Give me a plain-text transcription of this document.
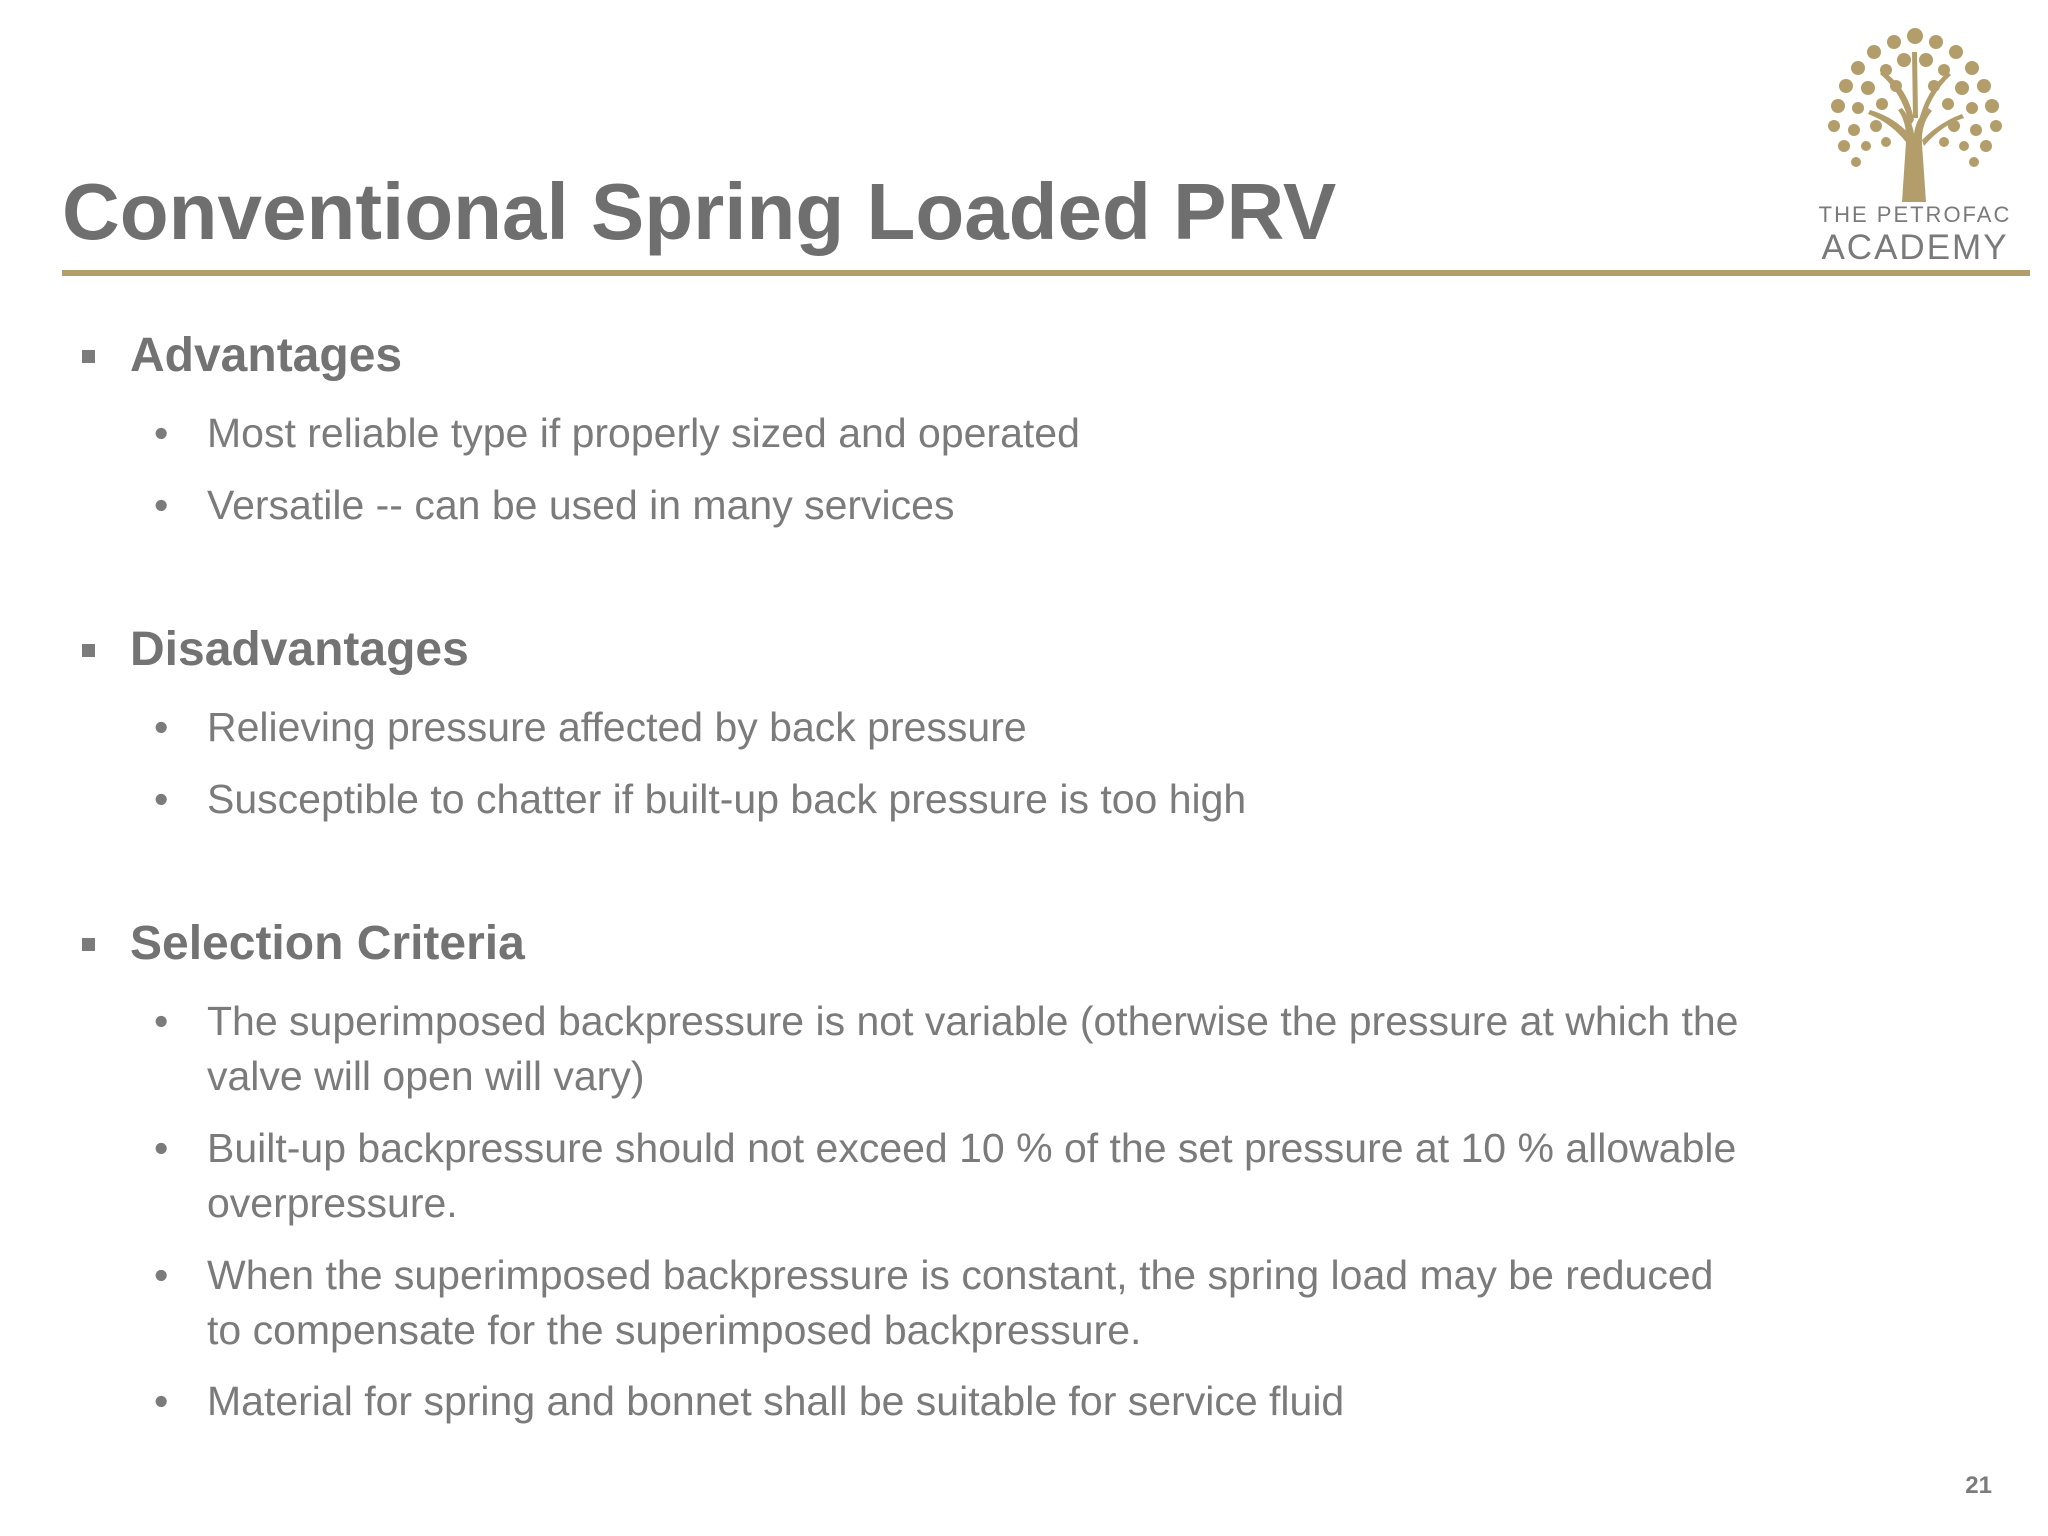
Conventional Spring Loaded PRV	THE PETROFAC
ACADEMY
Advantages
• Most reliable type if properly sized and operated
• Versatile -- can be used in many services
Disadvantages
• Relieving pressure affected by back pressure
• Susceptible to chatter if built-up back pressure is too high
Selection Criteria
• The superimposed backpressure is not variable (otherwise the pressure at which the valve will open will vary)
• Built-up backpressure should not exceed 10 % of the set pressure at 10 % allowable overpressure.
• When the superimposed backpressure is constant, the spring load may be reduced to compensate for the superimposed backpressure.
• Material for spring and bonnet shall be suitable for service fluid
21
